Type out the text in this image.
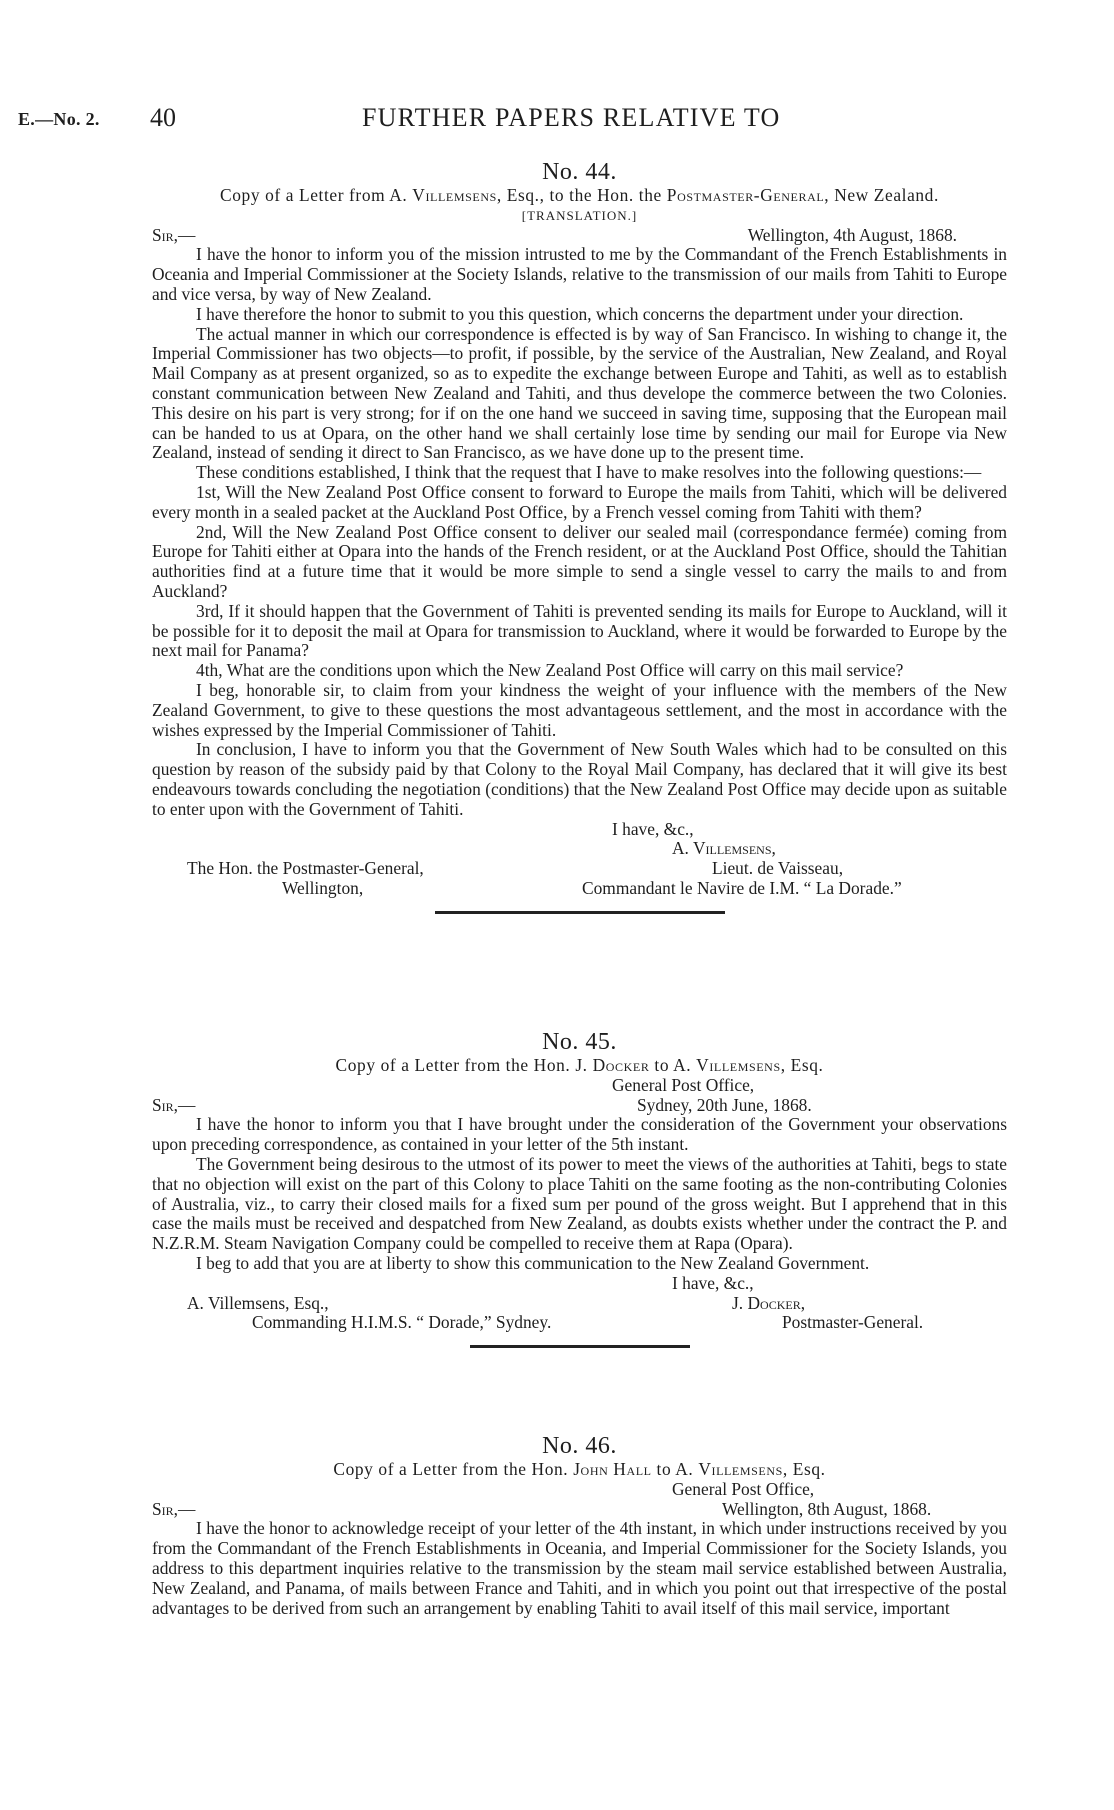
E.—No. 2. 40	FURTHER PAPERS RELATIVE TO
No. 44.
Copy of a Letter from A. Villemsens, Esq., to the Hon. the Postmaster-General, New Zealand.
[TRANSLATION.]
Sir,—	Wellington, 4th August, 1868.

I have the honor to inform you of the mission intrusted to me by the Commandant of the French Establishments in Oceania and Imperial Commissioner at the Society Islands, relative to the transmission of our mails from Tahiti to Europe and vice versa, by way of New Zealand.

I have therefore the honor to submit to you this question, which concerns the department under your direction.

The actual manner in which our correspondence is effected is by way of San Francisco. In wishing to change it, the Imperial Commissioner has two objects—to profit, if possible, by the service of the Australian, New Zealand, and Royal Mail Company as at present organized, so as to expedite the exchange between Europe and Tahiti, as well as to establish constant communication between New Zealand and Tahiti, and thus develope the commerce between the two Colonies. This desire on his part is very strong; for if on the one hand we succeed in saving time, supposing that the European mail can be handed to us at Opara, on the other hand we shall certainly lose time by sending our mail for Europe via New Zealand, instead of sending it direct to San Francisco, as we have done up to the present time.

These conditions established, I think that the request that I have to make resolves into the following questions:—

1st, Will the New Zealand Post Office consent to forward to Europe the mails from Tahiti, which will be delivered every month in a sealed packet at the Auckland Post Office, by a French vessel coming from Tahiti with them?

2nd, Will the New Zealand Post Office consent to deliver our sealed mail (correspondance fermée) coming from Europe for Tahiti either at Opara into the hands of the French resident, or at the Auckland Post Office, should the Tahitian authorities find at a future time that it would be more simple to send a single vessel to carry the mails to and from Auckland?

3rd, If it should happen that the Government of Tahiti is prevented sending its mails for Europe to Auckland, will it be possible for it to deposit the mail at Opara for transmission to Auckland, where it would be forwarded to Europe by the next mail for Panama?

4th, What are the conditions upon which the New Zealand Post Office will carry on this mail service?

I beg, honorable sir, to claim from your kindness the weight of your influence with the members of the New Zealand Government, to give to these questions the most advantageous settlement, and the most in accordance with the wishes expressed by the Imperial Commissioner of Tahiti.

In conclusion, I have to inform you that the Government of New South Wales which had to be consulted on this question by reason of the subsidy paid by that Colony to the Royal Mail Company, has declared that it will give its best endeavours towards concluding the negotiation (conditions) that the New Zealand Post Office may decide upon as suitable to enter upon with the Government of Tahiti.

I have, &c.,
A. Villemsens,
The Hon. the Postmaster-General,	Lieut. de Vaisseau,
Wellington,	Commandant le Navire de I.M. “ La Dorade.”
No. 45.
Copy of a Letter from the Hon. J. Docker to A. Villemsens, Esq.
General Post Office,
Sir,—	Sydney, 20th June, 1868.

I have the honor to inform you that I have brought under the consideration of the Government your observations upon preceding correspondence, as contained in your letter of the 5th instant.

The Government being desirous to the utmost of its power to meet the views of the authorities at Tahiti, begs to state that no objection will exist on the part of this Colony to place Tahiti on the same footing as the non-contributing Colonies of Australia, viz., to carry their closed mails for a fixed sum per pound of the gross weight. But I apprehend that in this case the mails must be received and despatched from New Zealand, as doubts exists whether under the contract the P. and N.Z.R.M. Steam Navigation Company could be compelled to receive them at Rapa (Opara).

I beg to add that you are at liberty to show this communication to the New Zealand Government.

I have, &c.,
A. Villemsens, Esq.,	J. Docker,
Commanding H.I.M.S. “ Dorade,” Sydney.	Postmaster-General.
No. 46.
Copy of a Letter from the Hon. John Hall to A. Villemsens, Esq.
General Post Office,
Sir,—	Wellington, 8th August, 1868.

I have the honor to acknowledge receipt of your letter of the 4th instant, in which under instructions received by you from the Commandant of the French Establishments in Oceania, and Imperial Commissioner for the Society Islands, you address to this department inquiries relative to the transmission by the steam mail service established between Australia, New Zealand, and Panama, of mails between France and Tahiti, and in which you point out that irrespective of the postal advantages to be derived from such an arrangement by enabling Tahiti to avail itself of this mail service, important
